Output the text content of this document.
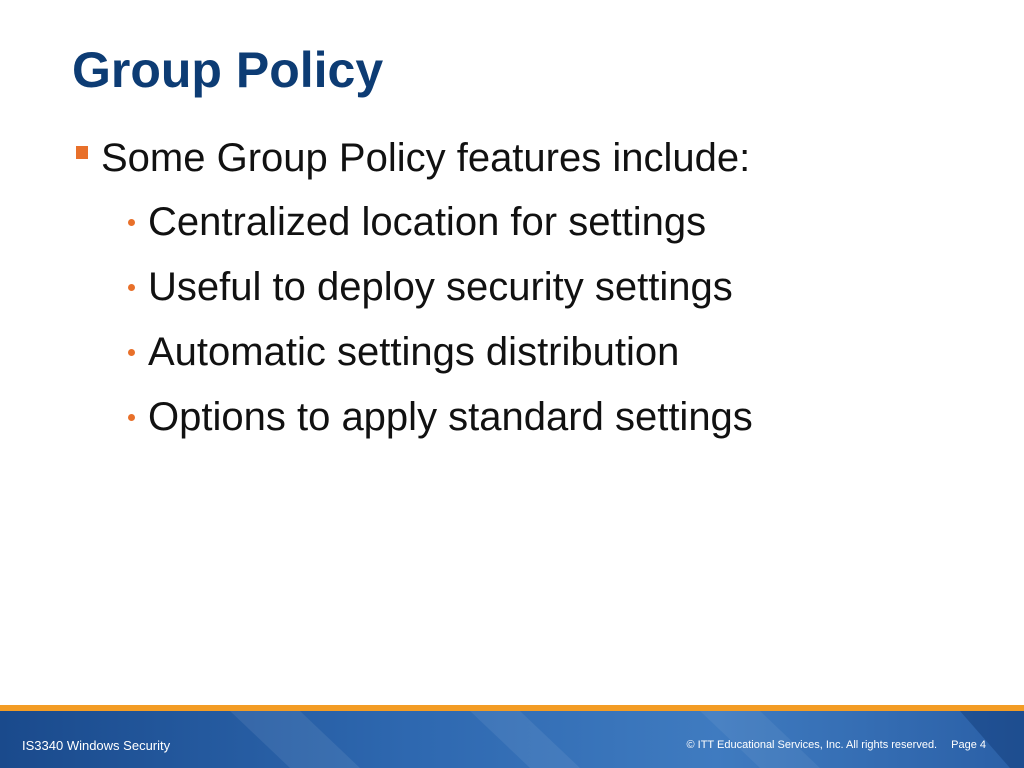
Group Policy
Some Group Policy features include:
Centralized location for settings
Useful to deploy security settings
Automatic settings distribution
Options to apply standard settings
IS3340 Windows Security	© ITT Educational Services, Inc. All rights reserved. Page 4
